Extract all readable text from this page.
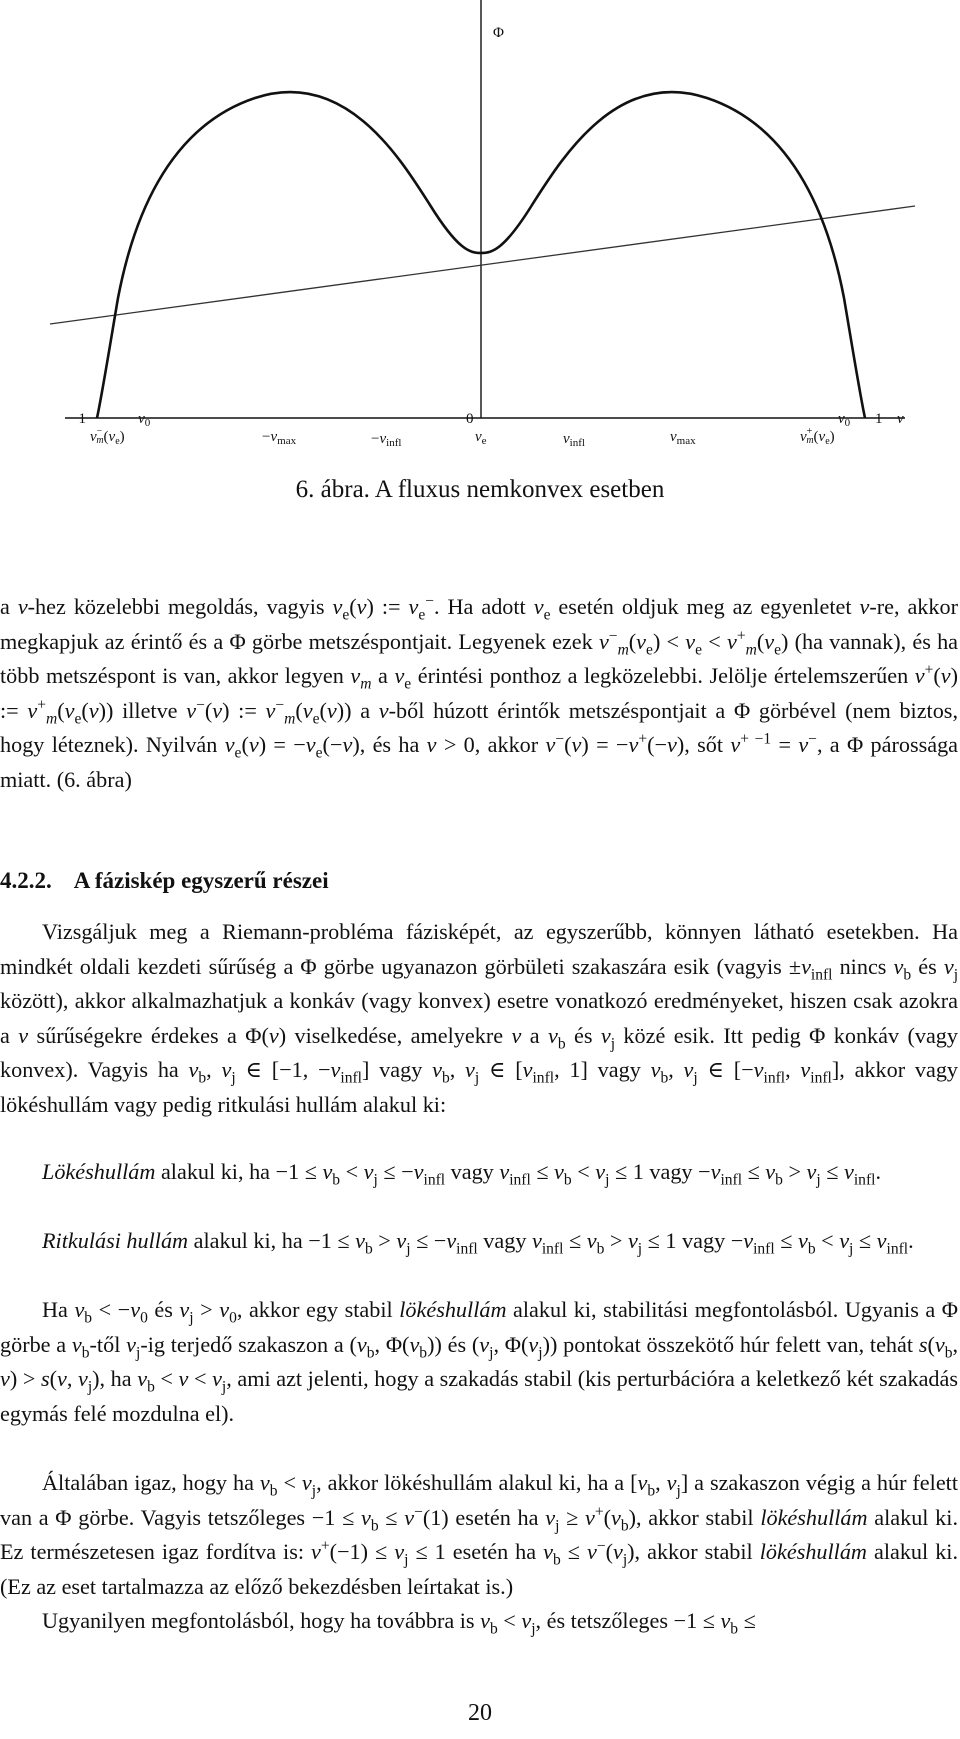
Φ
−1	$-v_0$	0	$v_0$ 1 v
v− $m(v_e)$	$-v_{max}$	$-v_{infl}$	$v_e$	$v_{infl}$	$v_{max}$	v+ $m(v_e)$
6. ábra. A fluxus nemkonvex esetben

a v-hez közelebbi megoldás, vagyis $v_e(v)$ := $v_e^-$. Ha adott $v_e$ esetén oldjuk meg az egyenletet v-re, akkor megkapjuk az érintő és a Φ görbe metszéspontjait. Legyenek ezek $v^-_m(v_e) < v_e < v^+_m(v_e)$ (ha vannak), és ha több metszéspont is van, akkor legyen $v_m$ a $v_e$ érintési ponthoz a legközelebbi. Jelölje értelemszerűen v+(v) := $v^+_m(v_e(v))$ illetve v−(v) := $v^-_m(v_e(v))$ a v-ből húzott érintők metszéspontjait a Φ görbével (nem biztos, hogy léteznek). Nyilván $v_e(v) = -v_e(-v)$, és ha v > 0, akkor v−(v) = −v+(−v), sőt $v^{+ -1} = v^-$, a Φ párossága miatt. (6. ábra)

4.2.2. A fáziskép egyszerű részei

Vizsgáljuk meg a Riemann-probléma fázisképét, az egyszerűbb, könnyen látható esetekben. Ha mindkét oldali kezdeti sűrűség a Φ görbe ugyanazon görbületi szakaszára esik (vagyis $\pm v_{infl}$ nincs $v_b$ és $v_j$ között), akkor alkalmazhatjuk a konkáv (vagy konvex) esetre vonatkozó eredményeket, hiszen csak azokra a v sűrűségekre érdekes a Φ(v) viselkedése, amelyekre v a $v_b$ és $v_j$ közé esik. Itt pedig Φ konkáv (vagy konvex). Vagyis ha $v_b$, $v_j$ ∈ [−1, $-v_{infl}$] vagy $v_b$, $v_j$ ∈ [$v_{infl}$, 1] vagy $v_b$, $v_j$ ∈ [$-v_{infl}$, $v_{infl}$], akkor vagy lökéshullám vagy pedig ritkulási hullám alakul ki:

Lökéshullám alakul ki, ha $-1 \le v_b < v_j \le -v_{infl}$ vagy $v_{infl} \le v_b < v_j \le 1$ vagy $-v_{infl} \le v_b > v_j \le v_{infl}$.

Ritkulási hullám alakul ki, ha $-1 \le v_b > v_j \le -v_{infl}$ vagy $v_{infl} \le v_b > v_j \le 1$ vagy $-v_{infl} \le v_b < v_j \le v_{infl}$.

Ha $v_b < -v_0$ és $v_j > v_0$, akkor egy stabil lökéshullám alakul ki, stabilitási megfontolásból. Ugyanis a Φ görbe a $v_b$-től $v_j-ig$ terjedő szakaszon a ($v_b$, $\Phi(v_b)$) és ($v_j$, $\Phi(v_j)$) pontokat összekötő húr felett van, tehát $s(v_b$, v) > s(v, $v_j$), ha $v_b < v < v_j$, ami azt jelenti, hogy a szakadás stabil (kis perturbációra a keletkező két szakadás egymás felé mozdulna el).

Általában igaz, hogy ha $v_b < v_j$, akkor lökéshullám alakul ki, ha a [$v_b$, $v_j$] a szakaszon végig a húr felett van a Φ görbe. Vagyis tetszőleges $-1 \le v_b \le v^-(1)$ esetén ha $v_j \ge v^+(v_b)$, akkor stabil lökéshullám alakul ki. Ez természetesen igaz fordítva is: $v^+(-1) \le v_j \le 1$ esetén ha $v_b \le v^-(v_j)$, akkor stabil lökéshullám alakul ki. (Ez az eset tartalmazza az előző bekezdésben leírtakat is.)

Ugyanilyen megfontolásból, hogy ha továbbra is $v_b < v_j$, és tetszőleges $-1 \le v_b$ ≤

20
